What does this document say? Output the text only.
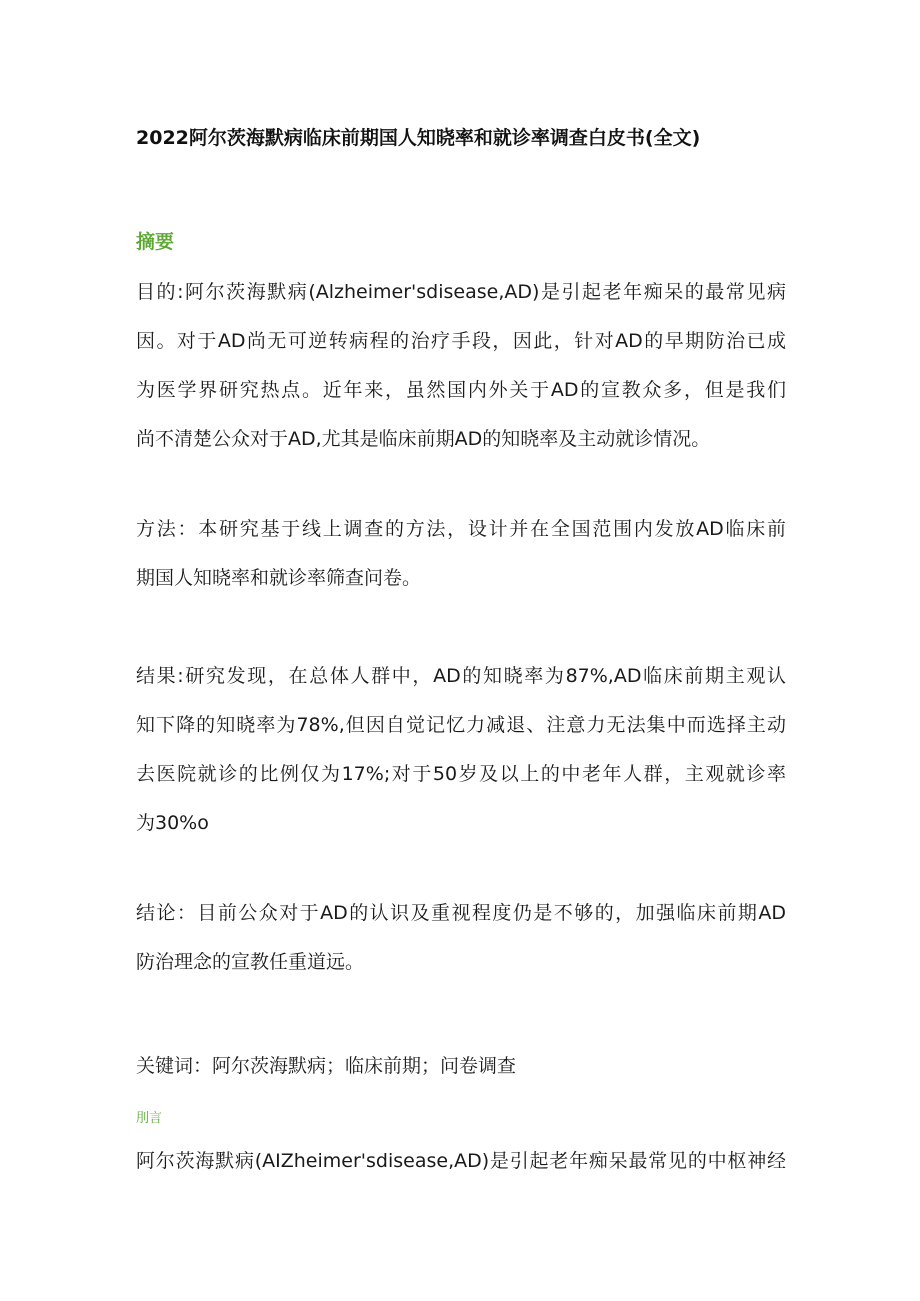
2022阿尔茨海默病临床前期国人知晓率和就诊率调查白皮书(全文)
摘要

目的:阿尔茨海默病(Alzheimer'sdisease,AD)是引起老年痴呆的最常见病
因。对于AD尚无可逆转病程的治疗手段，因此，针对AD的早期防治已成
为医学界研究热点。近年来，虽然国内外关于AD的宣教众多，但是我们
尚不清楚公众对于AD,尤其是临床前期AD的知晓率及主动就诊情况。

方法：本研究基于线上调查的方法，设计并在全国范围内发放AD临床前
期国人知晓率和就诊率筛查问卷。

结果:研究发现，在总体人群中，AD的知晓率为87%,AD临床前期主观认
知下降的知晓率为78%,但因自觉记忆力减退、注意力无法集中而选择主动
去医院就诊的比例仅为17%;对于50岁及以上的中老年人群，主观就诊率
为30%o

结论：目前公众对于AD的认识及重视程度仍是不够的，加强临床前期AD
防治理念的宣教任重道远。

关键词：阿尔茨海默病；临床前期；问卷调查

刖言

阿尔茨海默病(AIZheimer'sdisease,AD)是引起老年痴呆最常见的中枢神经
